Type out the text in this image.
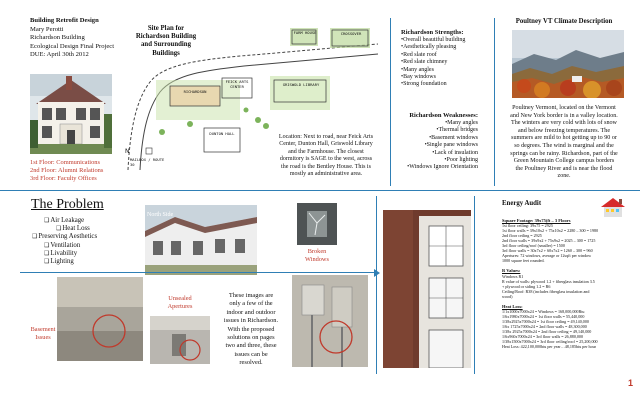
Building Retrofit Design
Mary Perotti
Richardson Building
Ecological Design Final Project
DUE: April 30th 2012
1st Floor: Communications
2nd Floor: Alumni Relations
3rd Floor: Faculty Offices
Site Plan for
Richardson Building
and Surrounding
Buildings
FARM HOUSE	CROSSOVER
GRISWOLD LIBRARY
FEICK ARTS CENTER
RICHARDSON
DUNTON HALL
MAILBOX / ROUTE 30
N
Location: Next to road, near Feick Arts
Center, Dunton Hall, Griswold Library
and the Farmhouse. The closest
dormitory is SAGE to the west, across
the road is the Bentley House. This is
mostly an administrative area.
Richardson Strengths:
•Overall beautiful building
•Aesthetically pleasing
•Red slate roof
•Red slate chimney
•Many angles
•Bay windows
•Strong foundation
Richardson Weaknesses:
•Many angles
•Thermal bridges
•Basement windows
•Single pane windows
•Lack of insulation
•Poor lighting
•Windows Ignore Orientation
Poultney VT Climate Description
Poultney Vermont, located on the Vermont
and New York border is in a valley location.
The winters are very cold with lots of snow
and below freezing temperatures. The
summers are mild to hot getting up to 90 or
so degrees. The wind is marginal and the
springs can be rainy. Richardson, part of the
Green Mountain College campus borders
the Poultney River and is near the flood
zone.
The Problem
❑ Air Leakage
❑ Heat Loss
❑ Preserving Aesthetics
❑ Ventilation
❑ Livability
❑ Lighting
North Side
Broken
Windows
Basement
Issues
Unsealed
Apertures
These images are
only a few of the
indoor and outdoor
issues in Richardson.
With the proposed
solutions on pages
two and three, these
issues can be
resolved.
Energy Audit
Square Footage: 39x75(ft – 3 Floors
1st floor ceiling: 39x75 = 2925
1st floor walls = 39x10x2 + 75x10x2 = 2280 – 300 = 1980
2nd floor ceiling = 2925
2nd floor walls = 39x9x2 + 75x9x2 = 2025 – 300 = 1725
3rd floor ceiling/roof (smaller) = 1500
3rd floor walls = 30x7x2 + 60x7x2 = 1260 – 300 = 960
Apertures: 72 windows, average or 12sqft per window
1000 square feet rounded.
R Values:
Windows R1
R value of walls: plywood 1.2 + fiberglass insulation 3.5
+ plywood or siding 1.2 = R6
Ceiling/Roof: R38 (includes fiberglass insulation and
wood)
Heat Loss:
1/1x1000x7000x24 = Windows = 168,000,000Btu
1/6x1980x7000x24 = 1st floor walls = 55,440,000
1/38x2925x7000x24 = 1st floor ceiling = 49,140,000
1/6x 1725x7000x24 = 2nd floor walls = 48,300,000
1/38x 2925x7000x24 = 2nd floor ceiling = 49,140,000
1/6x960x7000x24 = 3rd floor walls = 26,880,000
1/38x1500x7000x24 = 3rd floor ceiling/roof = 25,200,000
Heat Loss: 422,100,000btu per year…48,185btu per hour
1
